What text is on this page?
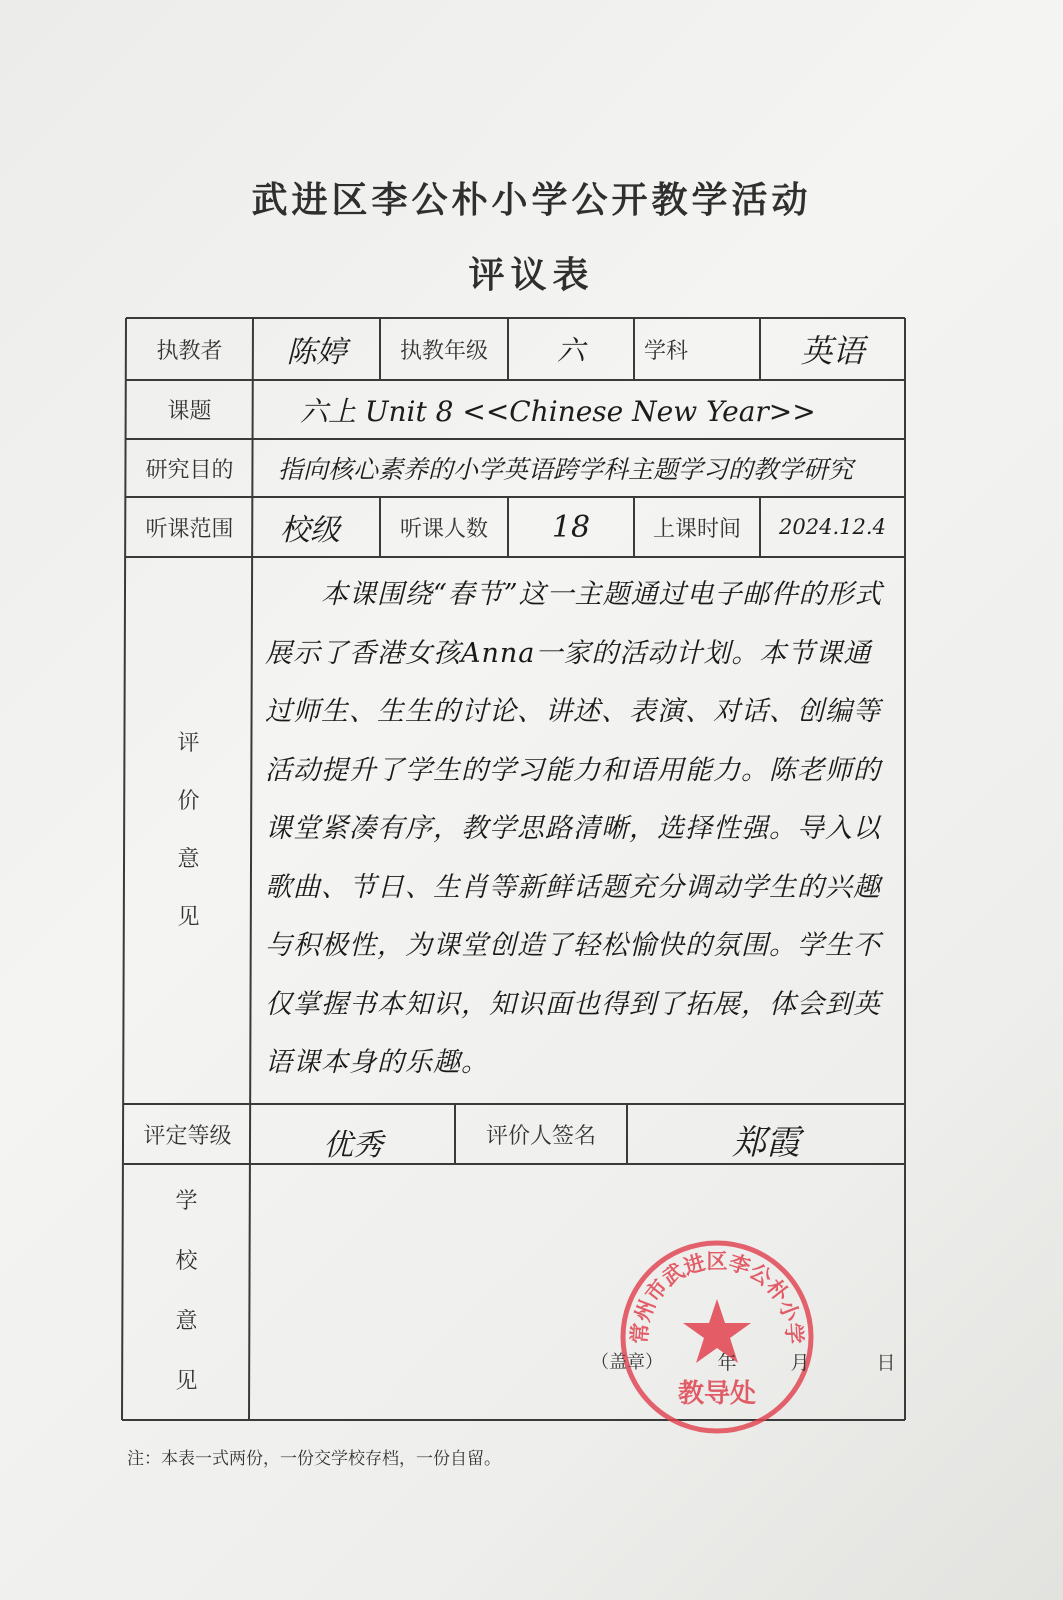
武进区李公朴小学公开教学活动
评议表
执教者	陈婷	执教年级	六	学科	英语
课题	六上 Unit 8 <<Chinese New Year>>
研究目的	指向核心素养的小学英语跨学科主题学习的教学研究
听课范围	校级	听课人数	18	上课时间	2024.12.4
评
价
意
见
本课围绕“春节”这一主题通过电子邮件的形式展示了香港女孩Anna一家的活动计划。本节课通过师生、生生的讨论、讲述、表演、对话、创编等活动提升了学生的学习能力和语用能力。陈老师的课堂紧凑有序，教学思路清晰，选择性强。导入以歌曲、节日、生肖等新鲜话题充分调动学生的兴趣与积极性，为课堂创造了轻松愉快的氛围。学生不仅掌握书本知识，知识面也得到了拓展，体会到英语课本身的乐趣。
评定等级	优秀	评价人签名	郑霞
学
校
意
见
常州市武进区李公朴小学
教导处
（盖章）	年	月	日
注：本表一式两份，一份交学校存档，一份自留。
